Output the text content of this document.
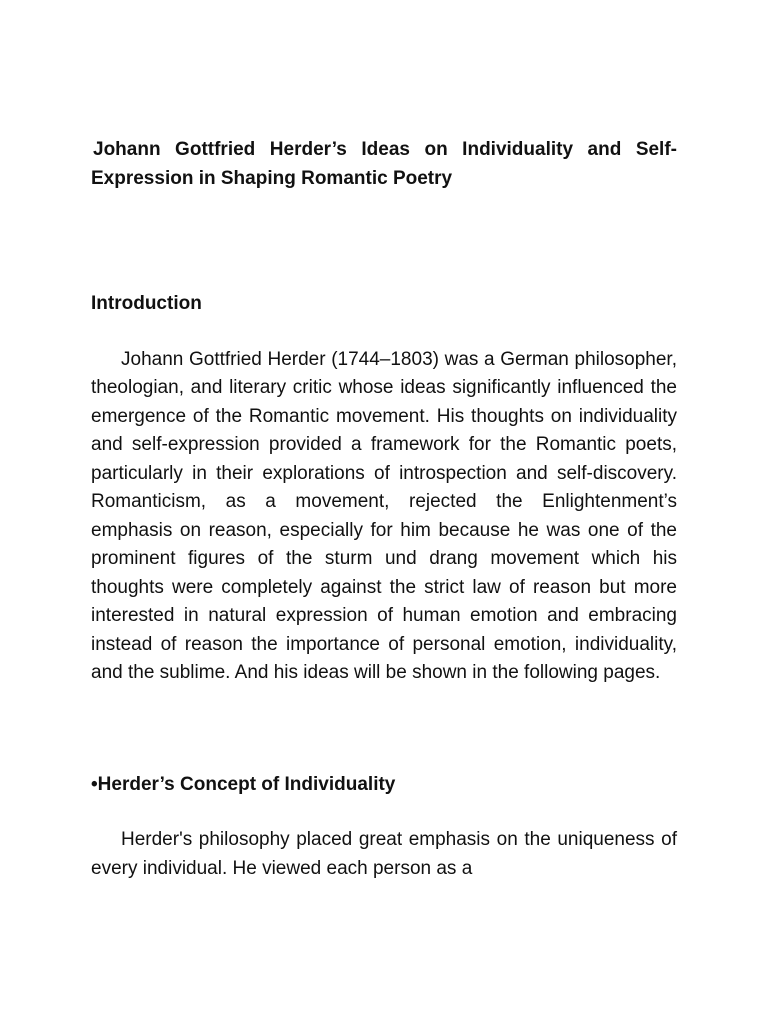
Johann Gottfried Herder’s Ideas on Individuality and Self-Expression in Shaping Romantic Poetry
Introduction

Johann Gottfried Herder (1744–1803) was a German philosopher, theologian, and literary critic whose ideas significantly influenced the emergence of the Romantic movement. His thoughts on individuality and self-expression provided a framework for the Romantic poets, particularly in their explorations of introspection and self-discovery. Romanticism, as a movement, rejected the Enlightenment’s emphasis on reason, especially for him because he was one of the prominent figures of the sturm und drang movement which his thoughts were completely against the strict law of reason but more interested in natural expression of human emotion and embracing instead of reason the importance of personal emotion, individuality, and the sublime. And his ideas will be shown in the following pages.

•Herder’s Concept of Individuality

Herder's philosophy placed great emphasis on the uniqueness of every individual. He viewed each person as a
